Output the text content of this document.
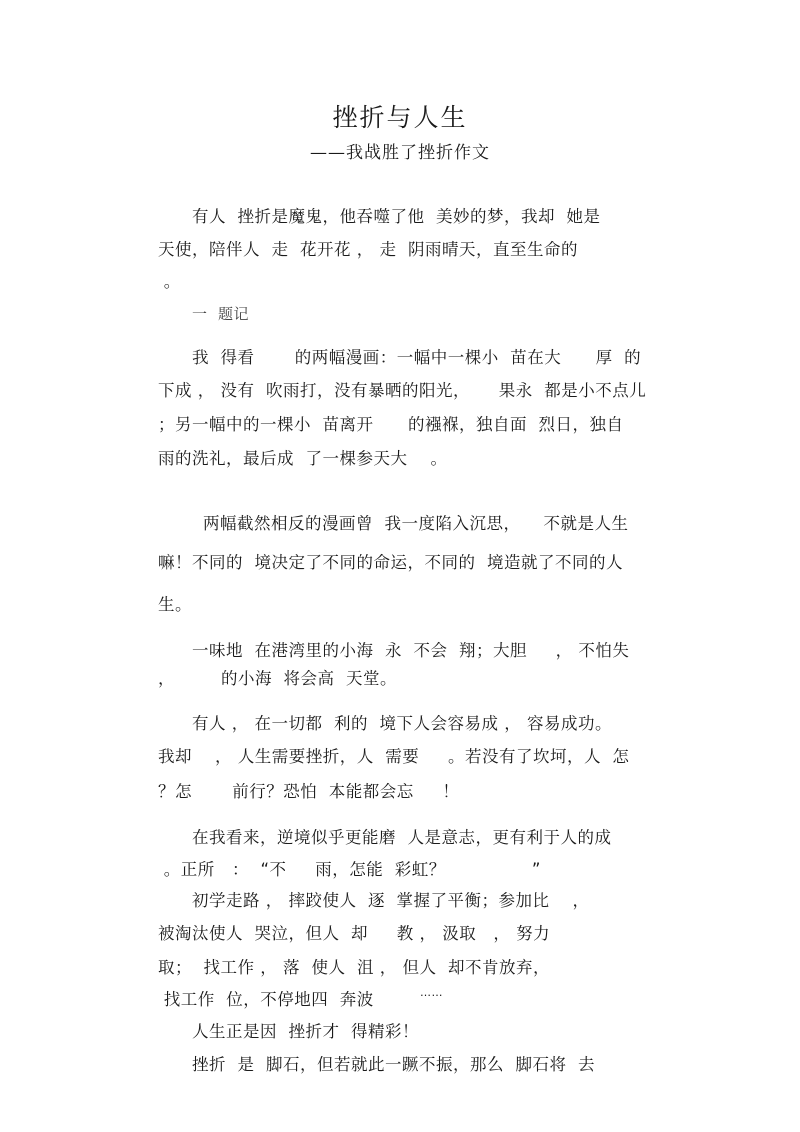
挫折与人生
——我战胜了挫折作文
有人  挫折是魔鬼，他吞噬了他  美妙的梦，我却  她是
天使，陪伴人  走  花开花 ， 走  阴雨晴天，直至生命的
。
一  题记
我  得看       的两幅漫画：一幅中一棵小  苗在大      厚  的
下成 ， 没有  吹雨打，没有暴晒的阳光，     果永  都是小不点儿
；另一幅中的一棵小  苗离开      的襁褓，独自面  烈日，独自
雨的洗礼，最后成  了一棵参天大    。
两幅截然相反的漫画曾  我一度陷入沉思，    不就是人生
嘛！不同的  境决定了不同的命运，不同的  境造就了不同的人
生。
一味地  在港湾里的小海  永  不会  翔；大胆     ， 不怕失
，        的小海  将会高  天堂。
有人 ， 在一切都  利的  境下人会容易成 ， 容易成功。
我却    ， 人生需要挫折，人  需要     。若没有了坎坷，人  怎
？怎       前行？恐怕  本能都会忘     ！
在我看来，逆境似乎更能磨  人是意志，更有利于人的成
。正所   ：  “不     雨，怎能  彩虹？               ”
初学走路 ， 摔跤使人  逐  掌握了平衡；参加比    ，
被淘汰使人  哭泣，但人  却     教 ， 汲取   ， 努力
取；  找工作 ， 落  使人  沮 ， 但人  却不肯放弃，
找工作  位，不停地四  奔波	……
人生正是因  挫折才  得精彩！
挫折  是  脚石，但若就此一蹶不振，那么  脚石将  去
